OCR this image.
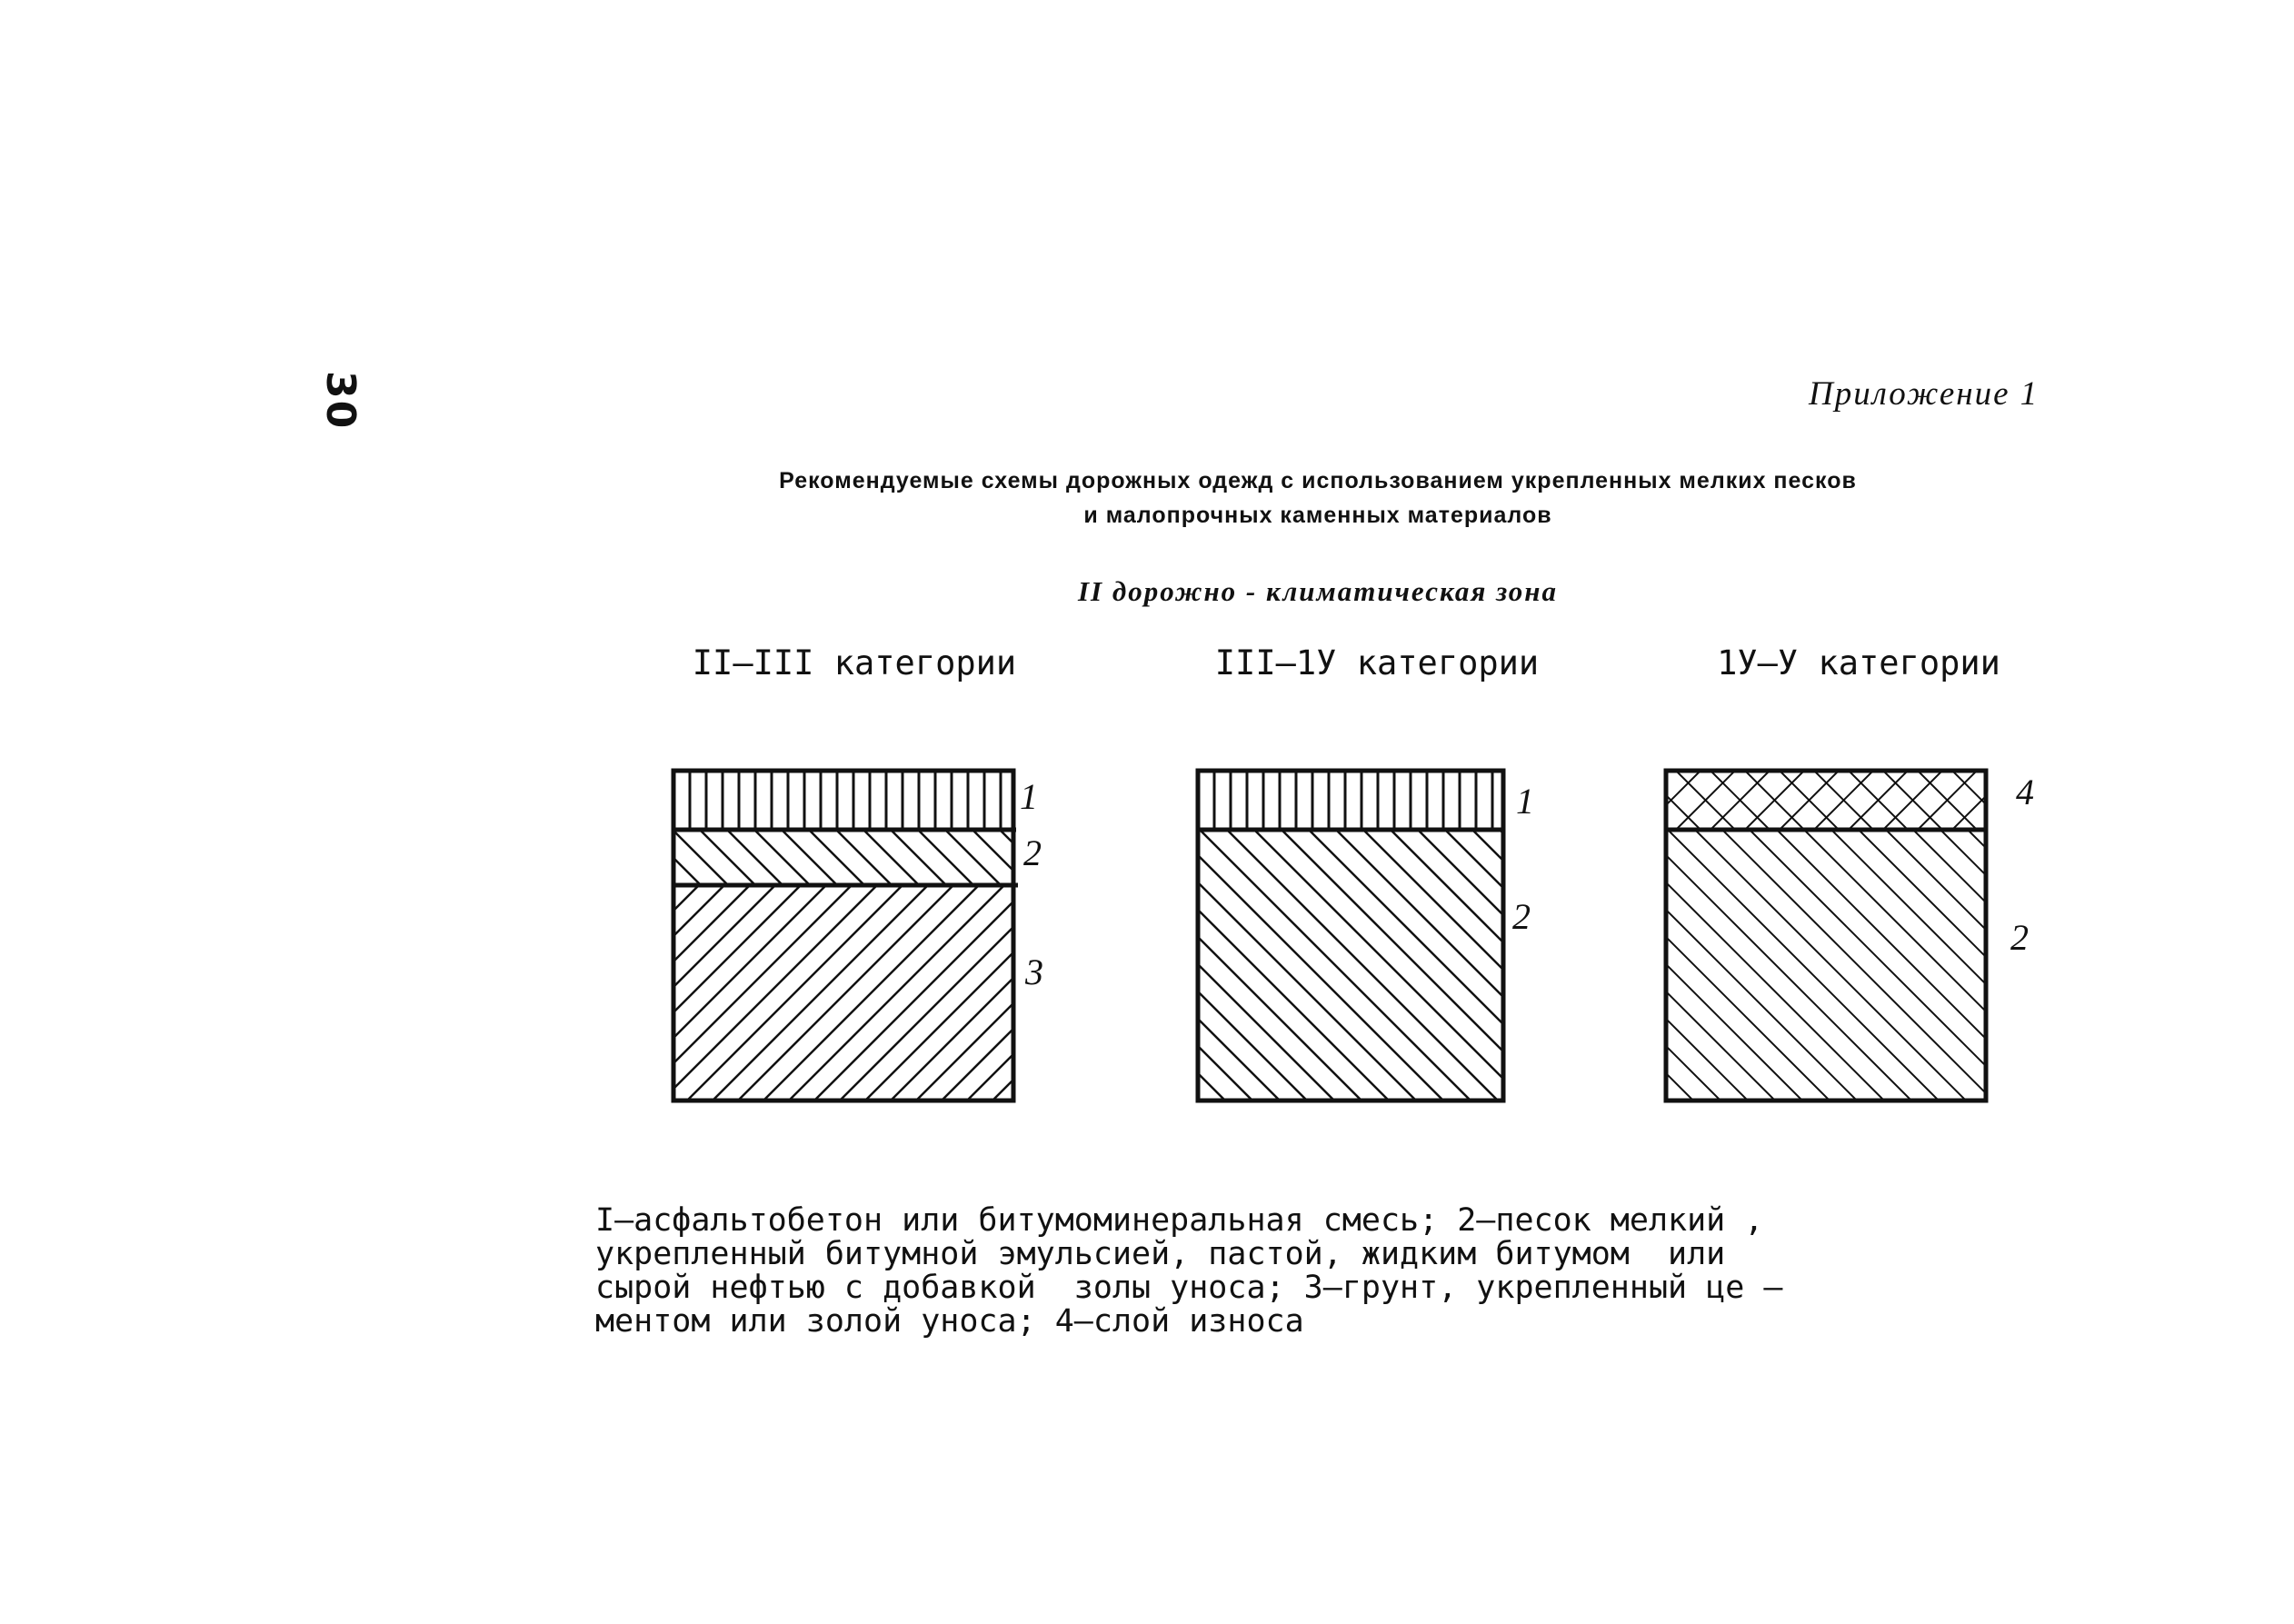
30	Приложение 1
Рекомендуемые схемы дорожных одежд с использованием укрепленных мелких песков
и малопрочных каменных материалов
II дорожно - климатическая зона
II–III категории	III–1У категории	1У–У категории
1
2
3
1
2
4
2

I–асфальтобетон или битумоминеральная смесь; 2–песок мелкий ,

укрепленный битумной эмульсией, пастой, жидким битумом  или

сырой нефтью с добавкой  золы уноса; 3–грунт, укрепленный це –

ментом или золой уноса; 4–слой износа
